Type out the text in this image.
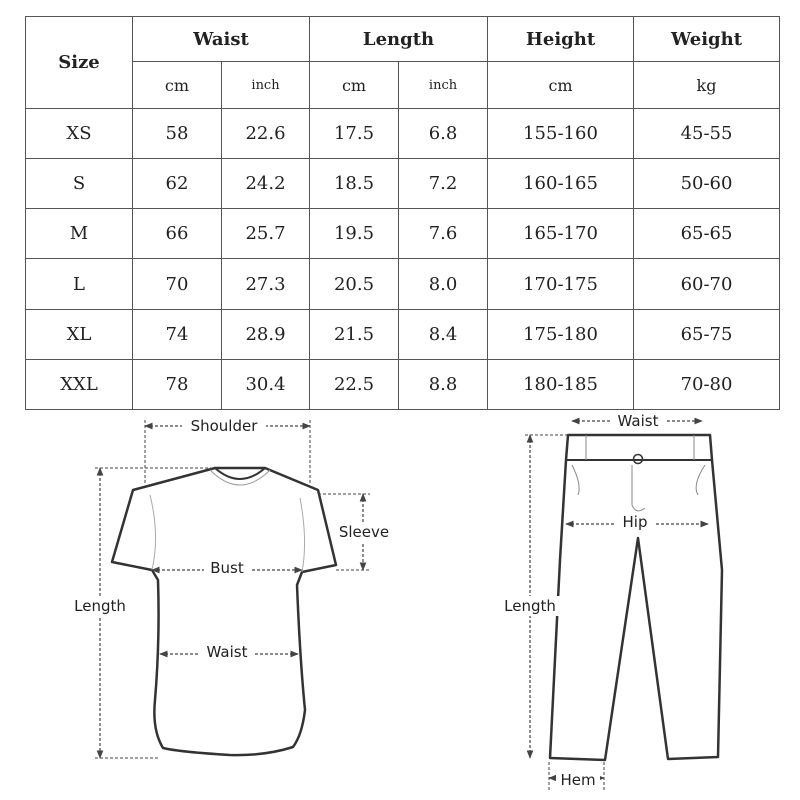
Size	Waist		Length		Height	Weight
	cm	inch	cm	inch	cm	kg
XS	58	22.6	17.5	6.8	155-160	45-55
S	62	24.2	18.5	7.2	160-165	50-60
M	66	25.7	19.5	7.6	165-170	65-65
L	70	27.3	20.5	8.0	170-175	60-70
XL	74	28.9	21.5	8.4	175-180	65-75
XXL	78	30.4	22.5	8.8	180-185	70-80
Shoulder
Sleeve
Bust
Waist
Length
Waist
Hip
Length
Hem
